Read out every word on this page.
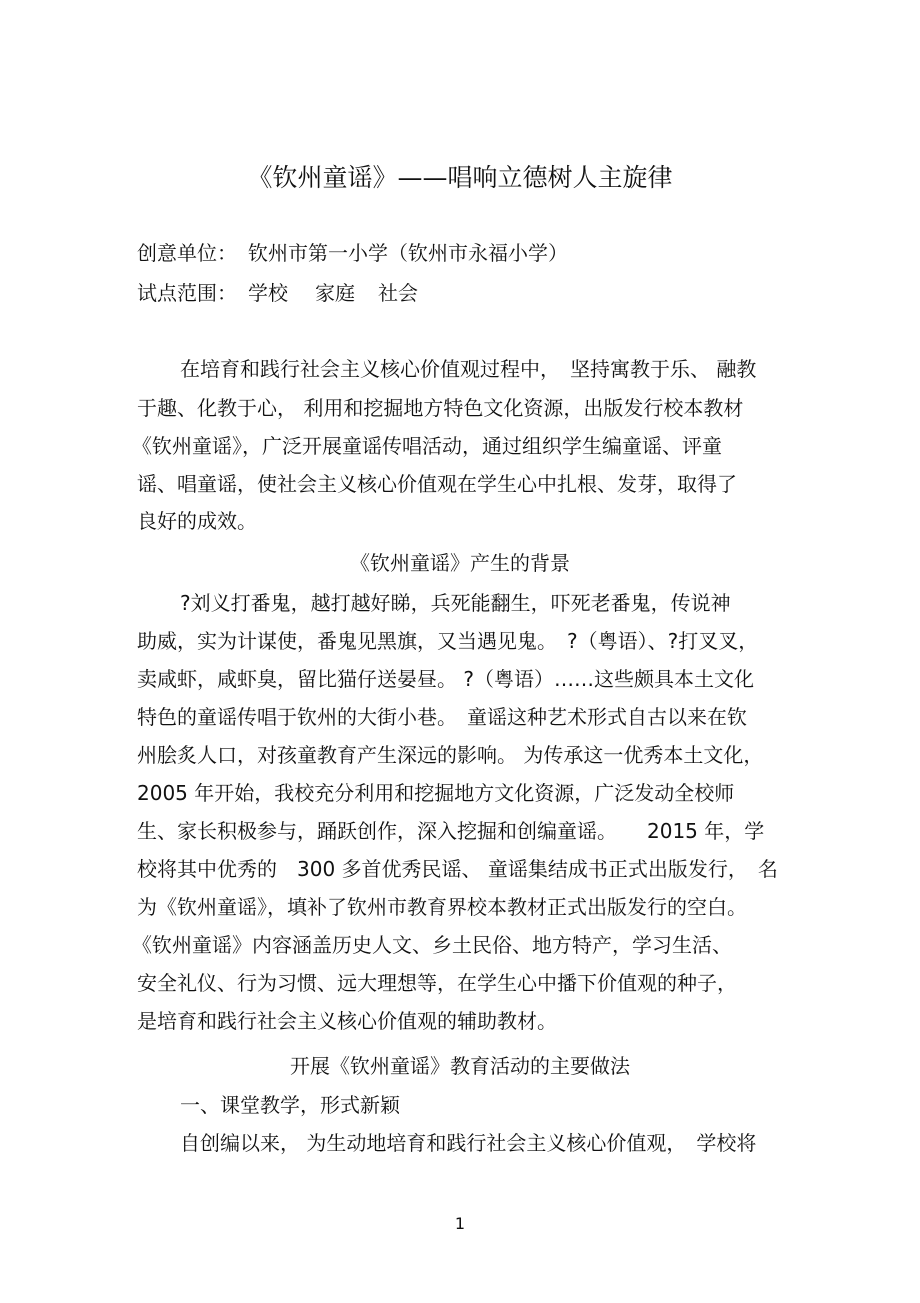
《钦州童谣》——唱响立德树人主旋律
创意单位： 钦州市第一小学（钦州市永福小学）
试点范围： 学校 家庭 社会
在培育和践行社会主义核心价值观过程中，　坚持寓教于乐、 融教
于趣、化教于心， 利用和挖掘地方特色文化资源，出版发行校本教材
《钦州童谣》，广泛开展童谣传唱活动，通过组织学生编童谣、评童
谣、唱童谣，使社会主义核心价值观在学生心中扎根、发芽，取得了
良好的成效。
《钦州童谣》产生的背景
?刘义打番鬼，越打越好睇，兵死能翻生，吓死老番鬼，传说神
助威，实为计谋使，番鬼见黑旗，又当遇见鬼。　?（粤语）、?打叉叉，
卖咸虾，咸虾臭，留比猫仔送晏昼。 ?（粤语）……这些颇具本土文化
特色的童谣传唱于钦州的大街小巷。　童谣这种艺术形式自古以来在钦
州脍炙人口，对孩童教育产生深远的影响。 为传承这一优秀本土文化，
2005 年开始，我校充分利用和挖掘地方文化资源，广泛发动全校师
生、家长积极参与，踊跃创作，深入挖掘和创编童谣。　　2015 年，学
校将其中优秀的　300 多首优秀民谣、 童谣集结成书正式出版发行，　名
为《钦州童谣》，填补了钦州市教育界校本教材正式出版发行的空白。
《钦州童谣》内容涵盖历史人文、乡土民俗、地方特产，学习生活、
安全礼仪、行为习惯、远大理想等，在学生心中播下价值观的种子，
是培育和践行社会主义核心价值观的辅助教材。
开展《钦州童谣》教育活动的主要做法
一、课堂教学，形式新颖
自创编以来， 为生动地培育和践行社会主义核心价值观，　学校将
1
